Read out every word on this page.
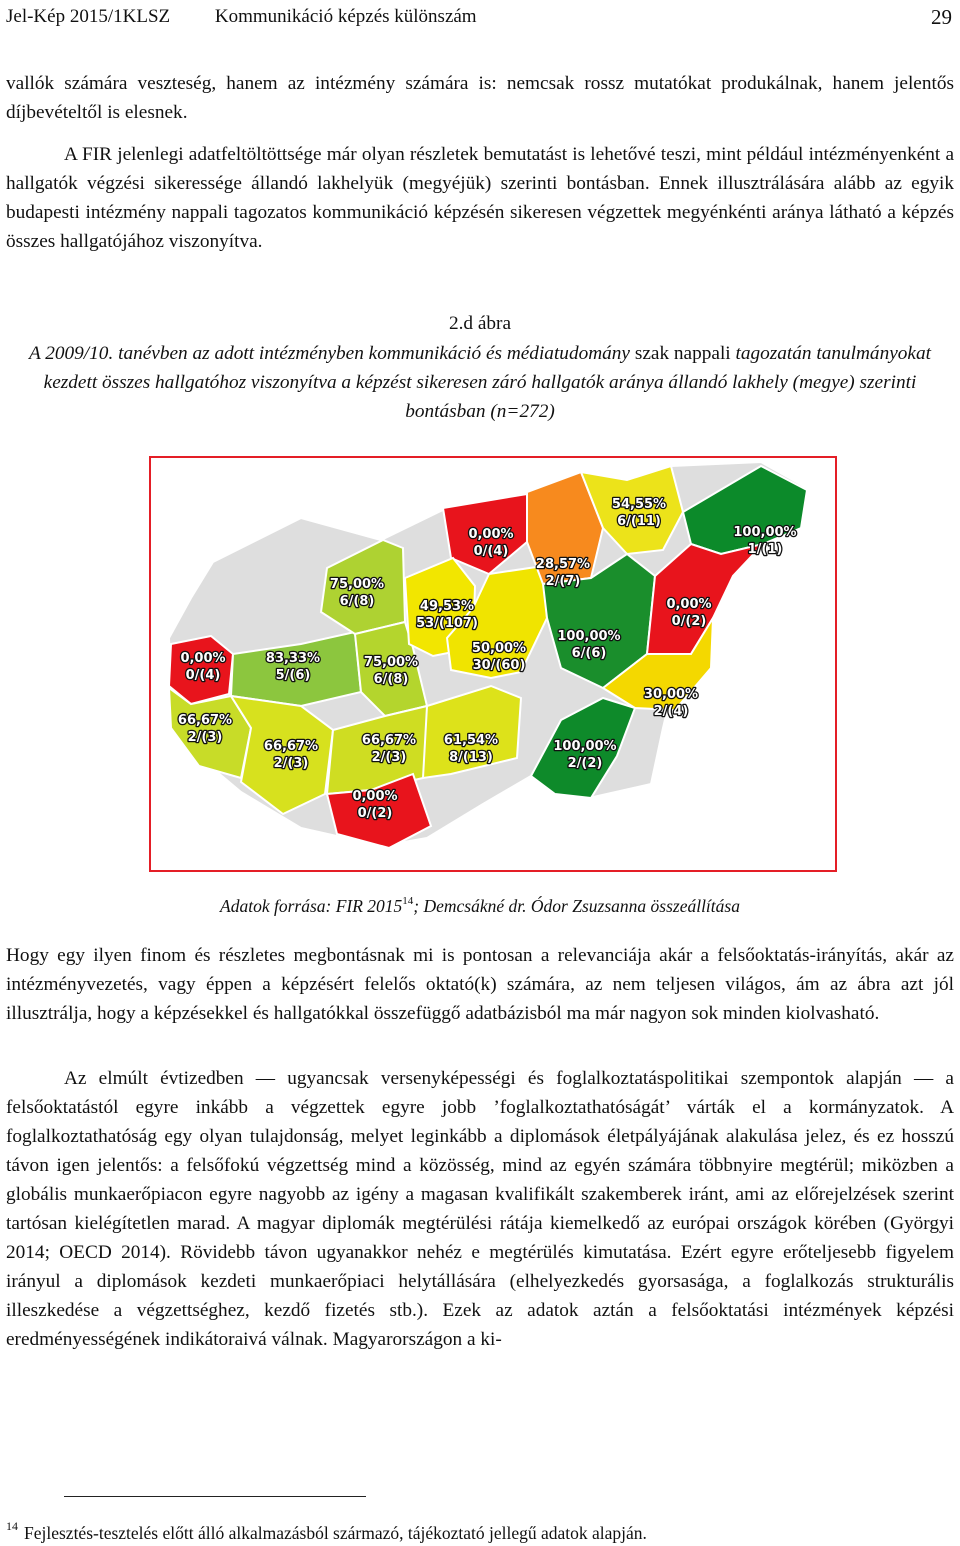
Jel-Kép 2015/1KLSZ Kommunikáció képzés különszám	29

vallók számára veszteség, hanem az intézmény számára is: nemcsak rossz mutatókat produkálnak, hanem jelentős díjbevételtől is elesnek.

A FIR jelenlegi adatfeltöltöttsége már olyan részletek bemutatást is lehetővé teszi, mint például intézményenként a hallgatók végzési sikeressége állandó lakhelyük (megyéjük) szerinti bontásban. Ennek illusztrálására alább az egyik budapesti intézmény nappali tagozatos kommunikáció képzésén sikeresen végzettek megyénkénti aránya látható a képzés összes hallgatójához viszonyítva.

2.d ábra

A 2009/10. tanévben az adott intézményben kommunikáció és médiatudomány szak nappali tagozatán tanulmányokat kezdett összes hallgatóhoz viszonyítva a képzést sikeresen záró hallgatók aránya állandó lakhely (megye) szerinti bontásban (n=272)

0,00%
0/(4)
83,33%
5/(6)
66,67%
2/(3)
66,67%
2/(3)
75,00%
6/(8)
75,00%
6/(8)
0,00%
0/(4)
49,53%
53/(107)
50,00%
30/(60)
66,67%
2/(3)
0,00%
0/(2)
61,54%
8/(13)
28,57%
2/(7)
54,55%
6/(11)
100,00%
1/(1)
100,00%
6/(6)
0,00%
0/(2)
30,00%
2/(4)
100,00%
2/(2)
Adatok forrása: FIR 2015$^{14}$; Demcsákné dr. Ódor Zsuzsanna összeállítása

Hogy egy ilyen finom és részletes megbontásnak mi is pontosan a relevanciája akár a felsőoktatás-irányítás, akár az intézményvezetés, vagy éppen a képzésért felelős oktató(k) számára, az nem teljesen világos, ám az ábra azt jól illusztrálja, hogy a képzésekkel és hallgatókkal összefüggő adatbázisból ma már nagyon sok minden kiolvasható.

Az elmúlt évtizedben — ugyancsak versenyképességi és foglalkoztatáspolitikai szempontok alapján — a felsőoktatástól egyre inkább a végzettek egyre jobb ’foglalkoztathatóságát’ várták el a kormányzatok. A foglalkoztathatóság egy olyan tulajdonság, melyet leginkább a diplomások életpályájának alakulása jelez, és ez hosszú távon igen jelentős: a felsőfokú végzettség mind a közösség, mind az egyén számára többnyire megtérül; miközben a globális munkaerőpiacon egyre nagyobb az igény a magasan kvalifikált szakemberek iránt, ami az előrejelzések szerint tartósan kielégítetlen marad. A magyar diplomák megtérülési rátája kiemelkedő az európai országok körében (Györgyi 2014; OECD 2014). Rövidebb távon ugyanakkor nehéz e megtérülés kimutatása. Ezért egyre erőteljesebb figyelem irányul a diplomások kezdeti munkaerőpiaci helytállására (elhelyezkedés gyorsasága, a foglalkozás strukturális illeszkedése a végzettséghez, kezdő fizetés stb.). Ezek az adatok aztán a felsőoktatási intézmények képzési eredményességének indikátoraivá válnak. Magyarországon a ki-

$^{14}$ Fejlesztés-tesztelés előtt álló alkalmazásból származó, tájékoztató jellegű adatok alapján.
